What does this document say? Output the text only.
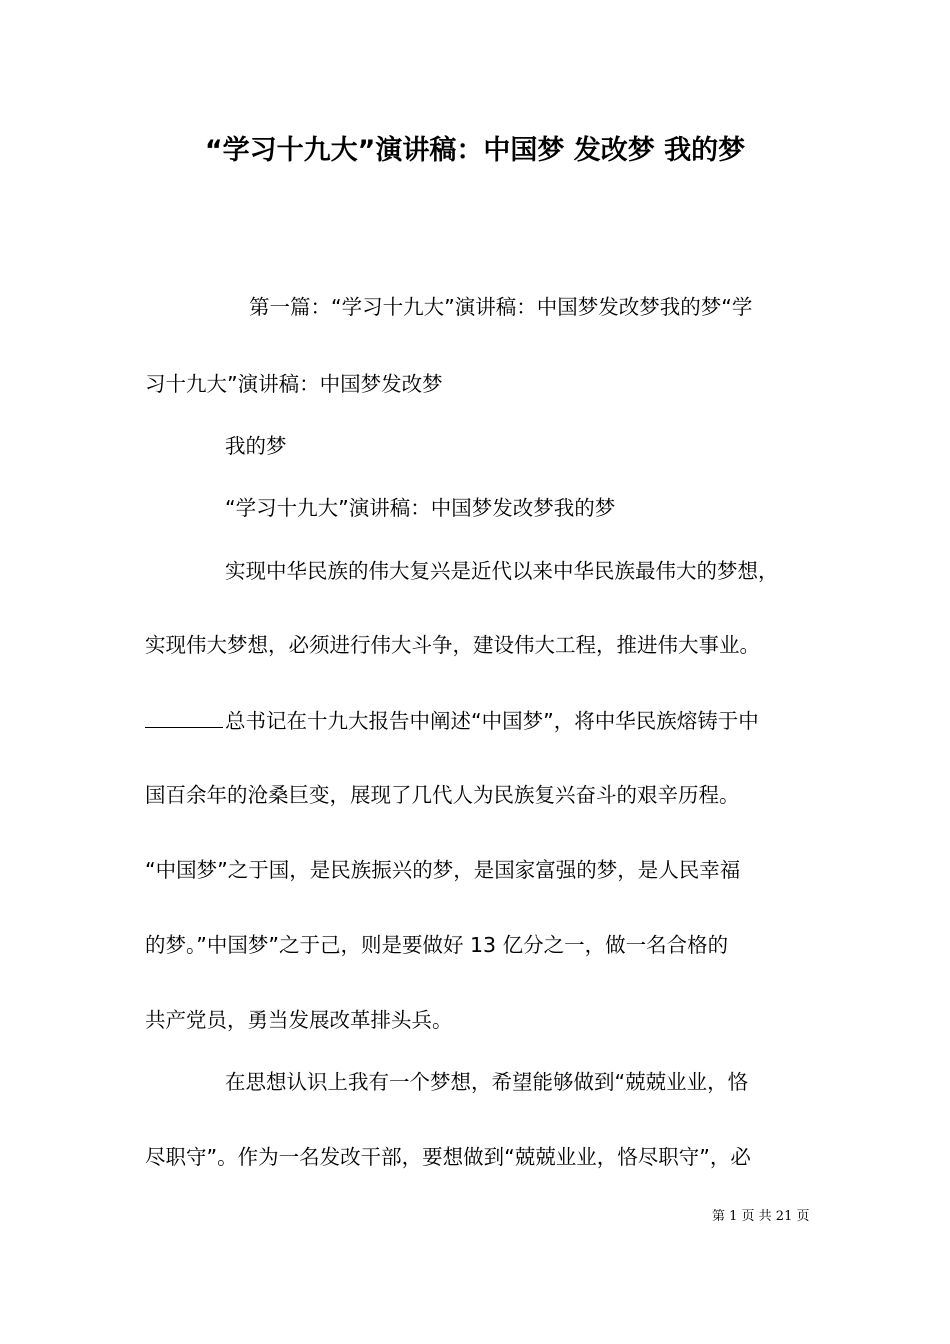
“学习十九大”演讲稿：中国梦 发改梦 我的梦
第一篇：“学习十九大”演讲稿：中国梦发改梦我的梦“学
习十九大”演讲稿：中国梦发改梦
我的梦
“学习十九大”演讲稿：中国梦发改梦我的梦
实现中华民族的伟大复兴是近代以来中华民族最伟大的梦想，
实现伟大梦想，必须进行伟大斗争，建设伟大工程，推进伟大事业。
总书记在十九大报告中阐述“中国梦”，将中华民族熔铸于中
国百余年的沧桑巨变，展现了几代人为民族复兴奋斗的艰辛历程。
“中国梦”之于国，是民族振兴的梦，是国家富强的梦，是人民幸福
的梦。”中国梦”之于己，则是要做好 13 亿分之一，做一名合格的
共产党员，勇当发展改革排头兵。
在思想认识上我有一个梦想，希望能够做到“兢兢业业，恪
尽职守”。作为一名发改干部，要想做到“兢兢业业，恪尽职守”，必
第 1 页 共 21 页
